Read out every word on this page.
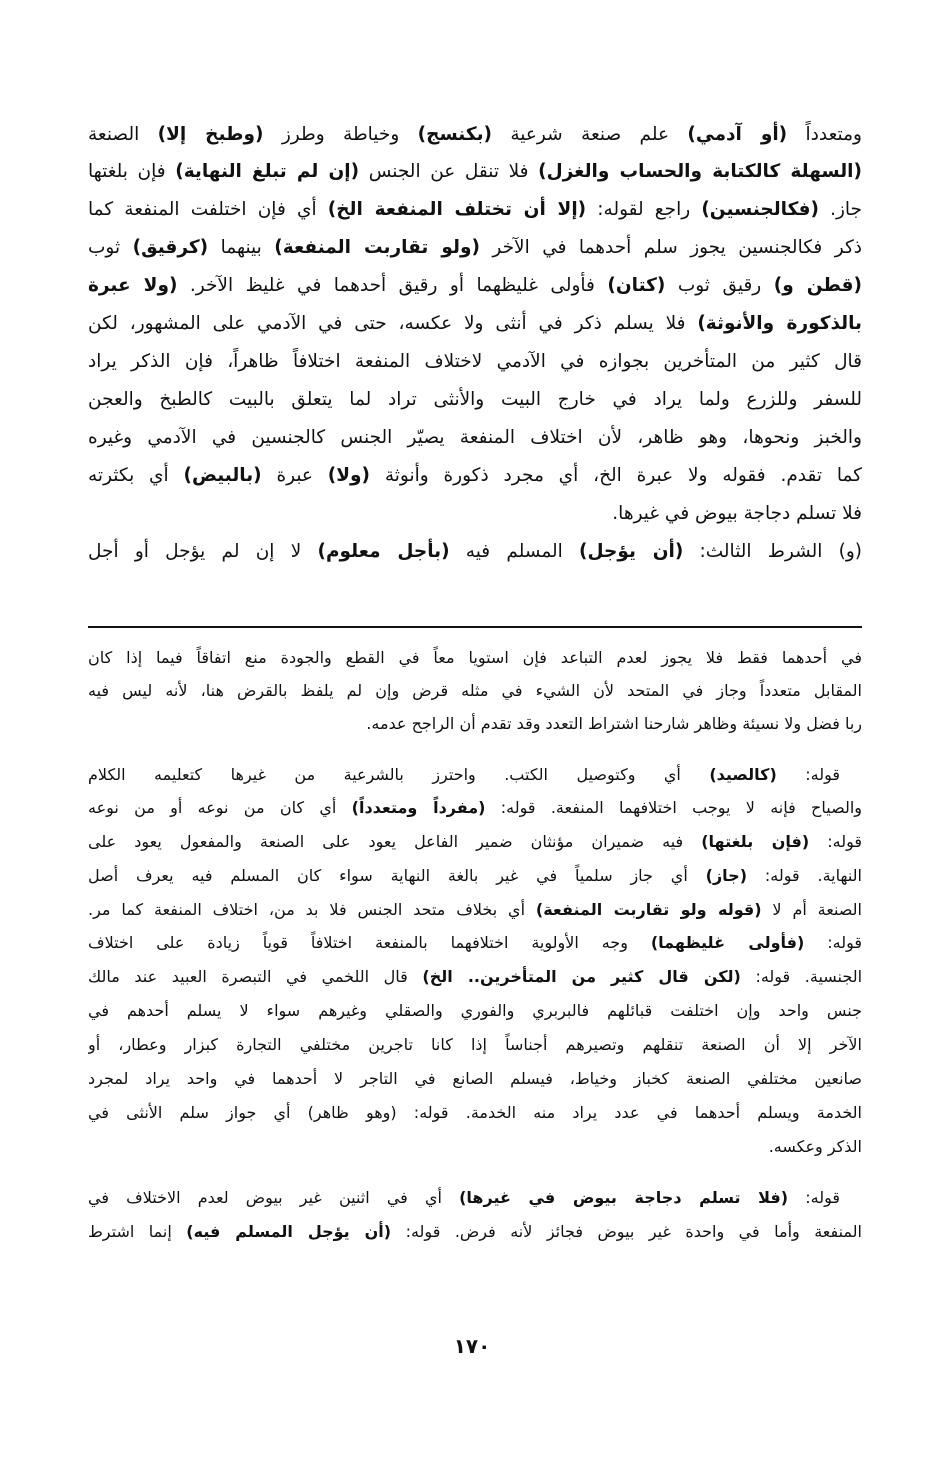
ومتعدداً (أو آدمي) علم صنعة شرعية (بكنسج) وخياطة وطرز (وطبخ إلا) الصنعة
(السهلة كالكتابة والحساب والغزل) فلا تنقل عن الجنس (إن لم تبلغ النهاية) فإن بلغتها
جاز. (فكالجنسين) راجع لقوله: (إلا أن تختلف المنفعة الخ) أي فإن اختلفت المنفعة كما
ذكر فكالجنسين يجوز سلم أحدهما في الآخر (ولو تقاربت المنفعة) بينهما (كرقيق) ثوب
(قطن و) رقيق ثوب (كتان) فأولى غليظهما أو رقيق أحدهما في غليظ الآخر. (ولا عبرة
بالذكورة والأنوثة) فلا يسلم ذكر في أنثى ولا عكسه، حتى في الآدمي على المشهور، لكن
قال كثير من المتأخرين بجوازه في الآدمي لاختلاف المنفعة اختلافاً ظاهراً، فإن الذكر يراد
للسفر وللزرع ولما يراد في خارج البيت والأنثى تراد لما يتعلق بالبيت كالطبخ والعجن
والخبز ونحوها، وهو ظاهر، لأن اختلاف المنفعة يصيّر الجنس كالجنسين في الآدمي وغيره
كما تقدم. فقوله ولا عبرة الخ، أي مجرد ذكورة وأنوثة (ولا) عبرة (بالبيض) أي بكثرته
فلا تسلم دجاجة بيوض في غيرها.
(و) الشرط الثالث: (أن يؤجل) المسلم فيه (بأجل معلوم) لا إن لم يؤجل أو أجل
في أحدهما فقط فلا يجوز لعدم التباعد فإن استويا معاً في القطع والجودة منع اتفاقاً فيما إذا كان
المقابل متعدداً وجاز في المتحد لأن الشيء في مثله قرض وإن لم يلفظ بالقرض هنا، لأنه ليس فيه
ربا فضل ولا نسيئة وظاهر شارحنا اشتراط التعدد وقد تقدم أن الراجح عدمه.
قوله: (كالصيد) أي وكتوصيل الكتب. واحترز بالشرعية من غيرها كتعليمه الكلام
والصياح فإنه لا يوجب اختلافهما المنفعة. قوله: (مفرداً ومتعدداً) أي كان من نوعه أو من نوعه
قوله: (فإن بلغتها) فيه ضميران مؤنثان ضمير الفاعل يعود على الصنعة والمفعول يعود على
النهاية. قوله: (جاز) أي جاز سلمياً في غير بالغة النهاية سواء كان المسلم فيه يعرف أصل
الصنعة أم لا (قوله ولو تقاربت المنفعة) أي بخلاف متحد الجنس فلا بد من، اختلاف المنفعة كما مر.
قوله: (فأولى غليظهما) وجه الأولوية اختلافهما بالمنفعة اختلافاً قوياً زيادة على اختلاف
الجنسية. قوله: (لكن قال كثير من المتأخرين.. الخ) قال اللخمي في التبصرة العبيد عند مالك
جنس واحد وإن اختلفت قبائلهم فالبربري والفوري والصقلي وغيرهم سواء لا يسلم أحدهم في
الآخر إلا أن الصنعة تنقلهم وتصيرهم أجناساً إذا كانا تاجرين مختلفي التجارة كبزار وعطار، أو
صانعين مختلفي الصنعة كخباز وخياط، فيسلم الصانع في التاجر لا أحدهما في واحد يراد لمجرد
الخدمة ويسلم أحدهما في عدد يراد منه الخدمة. قوله: (وهو ظاهر) أي جواز سلم الأنثى في
الذكر وعكسه.
قوله: (فلا تسلم دجاجة بيوض في غيرها) أي في اثنين غير بيوض لعدم الاختلاف في
المنفعة وأما في واحدة غير بيوض فجائز لأنه فرض. قوله: (أن يؤجل المسلم فيه) إنما اشترط
١٧٠
